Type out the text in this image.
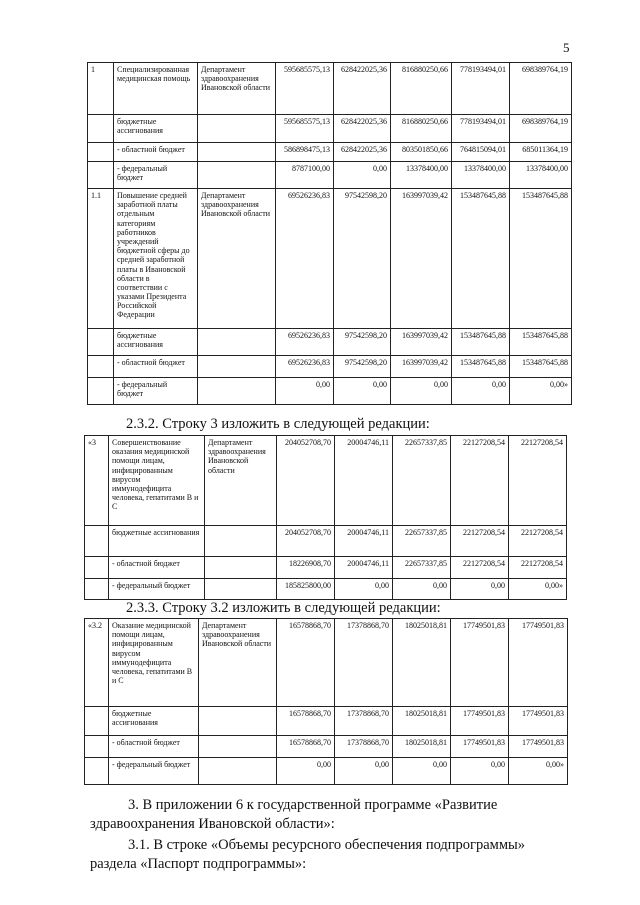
5
1	Специализированная медицинская помощь	Департамент здравоохранения Ивановской области	595685575,13	628422025,36	816880250,66	778193494,01	698389764,19
	бюджетные ассигнования		595685575,13	628422025,36	816880250,66	778193494,01	698389764,19
	- областной бюджет		586898475,13	628422025,36	803501850,66	764815094,01	685011364,19
	- федеральный бюджет		8787100,00	0,00	13378400,00	13378400,00	13378400,00
1.1	Повышение средней заработной платы отдельным категориям работников учреждений бюджетной сферы до средней заработной платы в Ивановской области в соответствии с указами Президента Российской Федерации	Департамент здравоохранения Ивановской области	69526236,83	97542598,20	163997039,42	153487645,88	153487645,88
	бюджетные ассигнования		69526236,83	97542598,20	163997039,42	153487645,88	153487645,88
	- областной бюджет		69526236,83	97542598,20	163997039,42	153487645,88	153487645,88
	- федеральный бюджет		0,00	0,00	0,00	0,00	0,00»
2.3.2. Строку 3 изложить в следующей редакции:
«3	Совершенствование оказания медицинской помощи лицам, инфицированным вирусом иммунодефицита человека, гепатитами В и С	Департамент здравоохранения Ивановской области	204052708,70	20004746,11	22657337,85	22127208,54	22127208,54
	бюджетные ассигнования		204052708,70	20004746,11	22657337,85	22127208,54	22127208,54
	- областной бюджет		18226908,70	20004746,11	22657337,85	22127208,54	22127208,54
	- федеральный бюджет		185825800,00	0,00	0,00	0,00	0,00»
2.3.3. Строку 3.2 изложить в следующей редакции:
«3.2	Оказание медицинской помощи лицам, инфицированным вирусом иммунодефицита человека, гепатитами В и С	Департамент здравоохранения Ивановской области	16578868,70	17378868,70	18025018,81	17749501,83	17749501,83
	бюджетные ассигнования		16578868,70	17378868,70	18025018,81	17749501,83	17749501,83
	- областной бюджет		16578868,70	17378868,70	18025018,81	17749501,83	17749501,83
	- федеральный бюджет		0,00	0,00	0,00	0,00	0,00»
3. В приложении 6 к государственной программе «Развитие здравоохранения Ивановской области»:
3.1. В строке «Объемы ресурсного обеспечения подпрограммы» раздела «Паспорт подпрограммы»:
